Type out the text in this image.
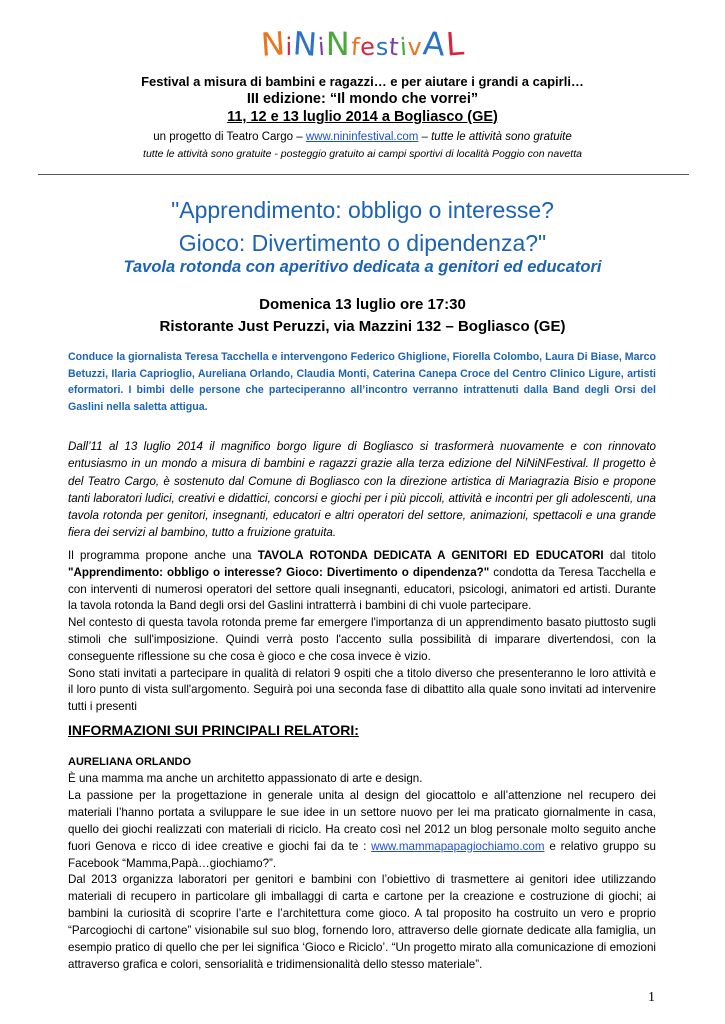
NiNiNfestivAL
Festival a misura di bambini e ragazzi… e per aiutare i grandi a capirli…
III edizione: “Il mondo che vorrei”
11, 12 e 13 luglio 2014 a Bogliasco (GE)
un progetto di Teatro Cargo – www.nininfestival.com – tutte le attività sono gratuite
tutte le attività sono gratuite - posteggio gratuito ai campi sportivi di località Poggio con navetta
"Apprendimento: obbligo o interesse?
Gioco: Divertimento o dipendenza?"
Tavola rotonda con aperitivo dedicata a genitori ed educatori
Domenica 13 luglio ore 17:30
Ristorante Just Peruzzi, via Mazzini 132 – Bogliasco (GE)
Conduce la giornalista Teresa Tacchella e intervengono Federico Ghiglione, Fiorella Colombo, Laura Di Biase, Marco Betuzzi, Ilaria Caprioglio, Aureliana Orlando, Claudia Monti, Caterina Canepa Croce del Centro Clinico Ligure, artisti eformatori. I bimbi delle persone che parteciperanno all’incontro verranno intrattenuti dalla Band degli Orsi del Gaslini nella saletta attigua.
Dall’11 al 13 luglio 2014 il magnifico borgo ligure di Bogliasco si trasformerà nuovamente e con rinnovato entusiasmo in un mondo a misura di bambini e ragazzi grazie alla terza edizione del NiNiNFestival. Il progetto è del Teatro Cargo, è sostenuto dal Comune di Bogliasco con la direzione artistica di Mariagrazia Bisio e propone tanti laboratori ludici, creativi e didattici, concorsi e giochi per i più piccoli, attività e incontri per gli adolescenti, una tavola rotonda per genitori, insegnanti, educatori e altri operatori del settore, animazioni, spettacoli e una grande fiera dei servizi al bambino, tutto a fruizione gratuita.

Il programma propone anche una TAVOLA ROTONDA DEDICATA A GENITORI ED EDUCATORI dal titolo "Apprendimento: obbligo o interesse? Gioco: Divertimento o dipendenza?" condotta da Teresa Tacchella e con interventi di numerosi operatori del settore quali insegnanti, educatori, psicologi, animatori ed artisti. Durante la tavola rotonda la Band degli orsi del Gaslini intratterrà i bambini di chi vuole partecipare.

Nel contesto di questa tavola rotonda preme far emergere l'importanza di un apprendimento basato piuttosto sugli stimoli che sull'imposizione. Quindi verrà posto l'accento sulla possibilità di imparare divertendosi, con la conseguente riflessione su che cosa è gioco e che cosa invece è vizio.

Sono stati invitati a partecipare in qualità di relatori 9 ospiti che a titolo diverso che presenteranno le loro attività e il loro punto di vista sull'argomento. Seguirà poi una seconda fase di dibattito alla quale sono invitati ad intervenire tutti i presenti

INFORMAZIONI SUI PRINCIPALI RELATORI:
AURELIANA ORLANDO

È una mamma ma anche un architetto appassionato di arte e design.

La passione per la progettazione in generale unita al design del giocattolo e all’attenzione nel recupero dei materiali l’hanno portata a sviluppare le sue idee in un settore nuovo per lei ma praticato giornalmente in casa, quello dei giochi realizzati con materiali di riciclo. Ha creato così nel 2012 un blog personale molto seguito anche fuori Genova e ricco di idee creative e giochi fai da te : www.mammapapagiochiamo.com e relativo gruppo su Facebook “Mamma,Papà…giochiamo?”.

Dal 2013 organizza laboratori per genitori e bambini con l’obiettivo di trasmettere ai genitori idee utilizzando materiali di recupero in particolare gli imballaggi di carta e cartone per la creazione e costruzione di giochi; ai bambini la curiosità di scoprire l’arte e l’architettura come gioco. A tal proposito ha costruito un vero e proprio “Parcogiochi di cartone” visionabile sul suo blog, fornendo loro, attraverso delle giornate dedicate alla famiglia, un esempio pratico di quello che per lei significa ‘Gioco e Riciclo’. “Un progetto mirato alla comunicazione di emozioni attraverso grafica e colori, sensorialità e tridimensionalità dello stesso materiale”.

1
